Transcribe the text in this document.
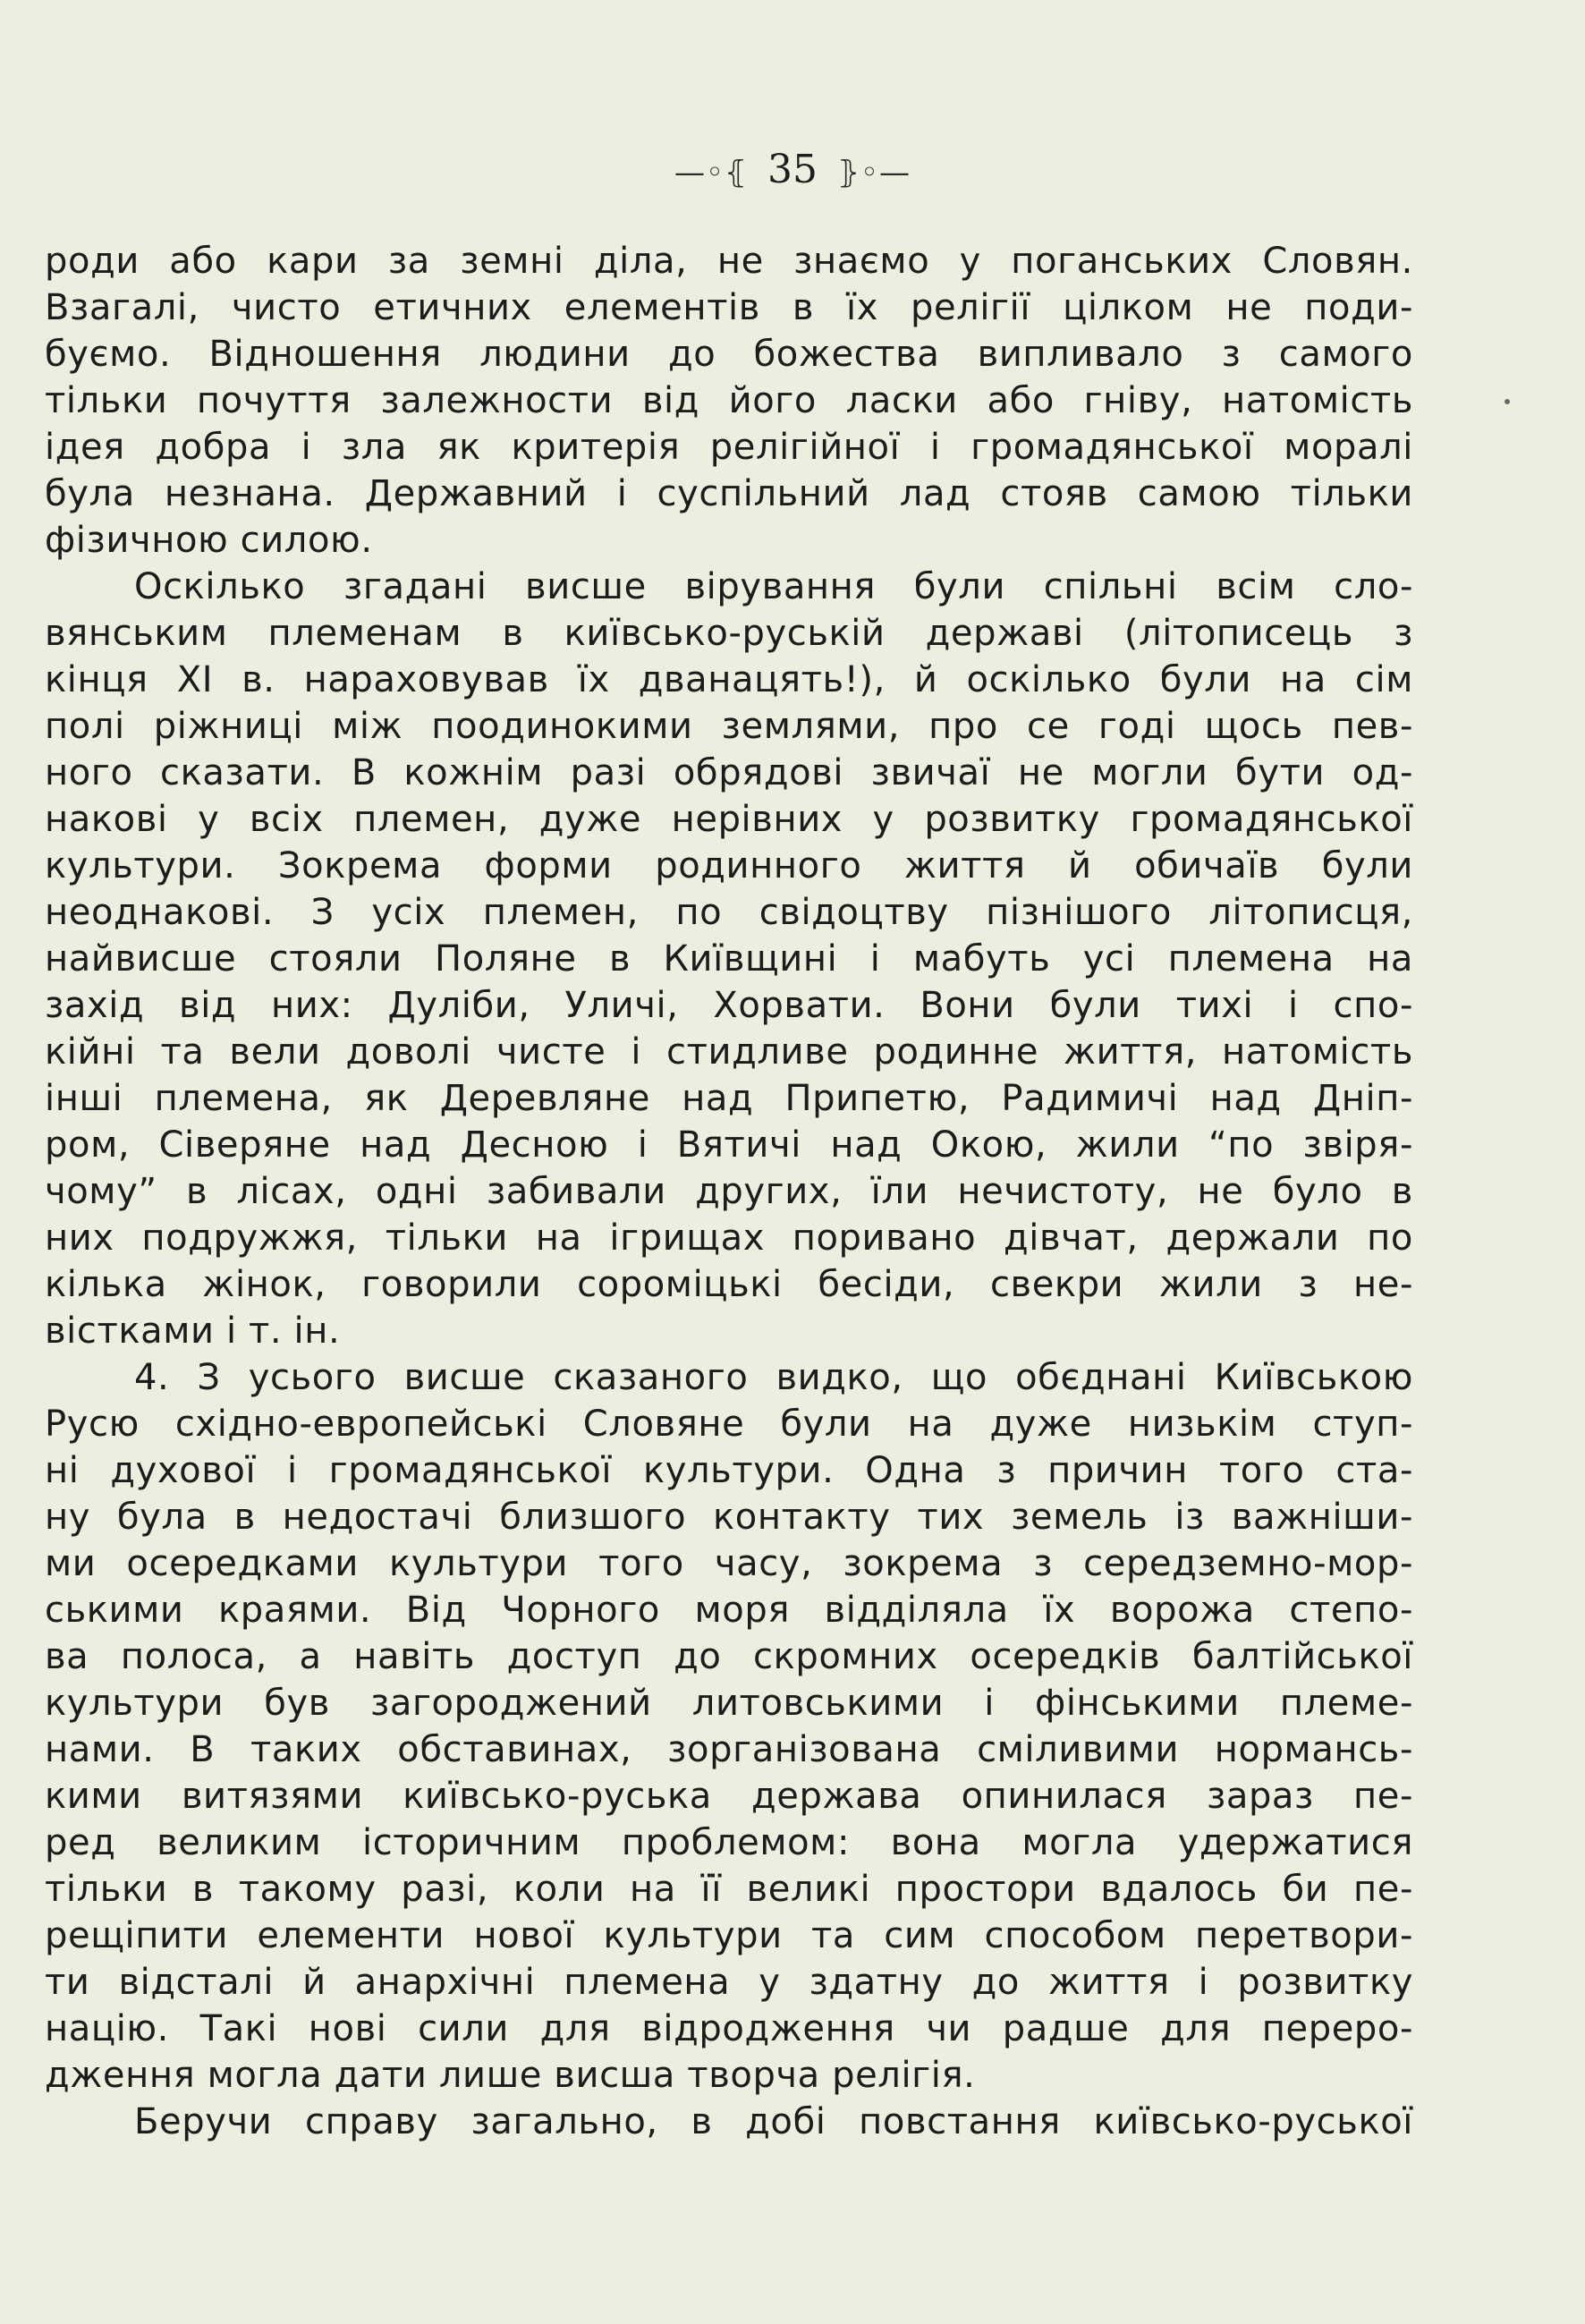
—◦⦃ 35 ⦄◦—
роди або кари за земні діла, не знаємо у поганських Словян.
Взагалі, чисто етичних елементів в їх релігії цілком не поди-
буємо. Відношення людини до божества випливало з самого
тільки почуття залежности від його ласки або гніву, натомість
ідея добра і зла як критерія релігійної і громадянської моралі
була незнана. Державний і суспільний лад стояв самою тільки
фізичною силою.
Оскілько згадані висше вірування були спільні всім сло-
вянським племенам в київсько-руській державі (літописець з
кінця XI в. нараховував їх дванацять!), й оскілько були на сім
полі ріжниці між поодинокими землями, про се годі щось пев-
ного сказати. В кожнім разі обрядові звичаї не могли бути од-
накові у всіх племен, дуже нерівних у розвитку громадянської
культури. Зокрема форми родинного життя й обичаїв були
неоднакові. З усіх племен, по свідоцтву пізнішого літописця,
найвисше стояли Поляне в Київщині і мабуть усі племена на
захід від них: Дуліби, Уличі, Хорвати. Вони були тихі і спо-
кійні та вели доволі чисте і стидливе родинне життя, натомість
інші племена, як Деревляне над Припетю, Радимичі над Дніп-
ром, Сіверяне над Десною і Вятичі над Окою, жили “по звіря-
чому” в лісах, одні забивали других, їли нечистоту, не було в
них подружжя, тільки на ігрищах поривано дівчат, держали по
кілька жінок, говорили сороміцькі бесіди, свекри жили з не-
вістками і т. ін.
4. З усього висше сказаного видко, що обєднані Київською
Русю східно-европейські Словяне були на дуже низькім ступ-
ні духової і громадянської культури. Одна з причин того ста-
ну була в недостачі близшого контакту тих земель із важніши-
ми осередками культури того часу, зокрема з середземно-мор-
ськими краями. Від Чорного моря відділяла їх ворожа степо-
ва полоса, а навіть доступ до скромних осередків балтійської
культури був загороджений литовськими і фінськими племе-
нами. В таких обставинах, зорганізована сміливими норманcь-
кими витязями київсько-руська держава опинилася зараз пе-
ред великим історичним проблемом: вона могла удержатися
тільки в такому разі, коли на її великі простори вдалось би пе-
рещіпити елементи нової культури та сим способом перетвори-
ти відсталі й анархічні племена у здатну до життя і розвитку
націю. Такі нові сили для відродження чи радше для переро-
дження могла дати лише висша творча релігія.
Беручи справу загально, в добі повстання київсько-руської
